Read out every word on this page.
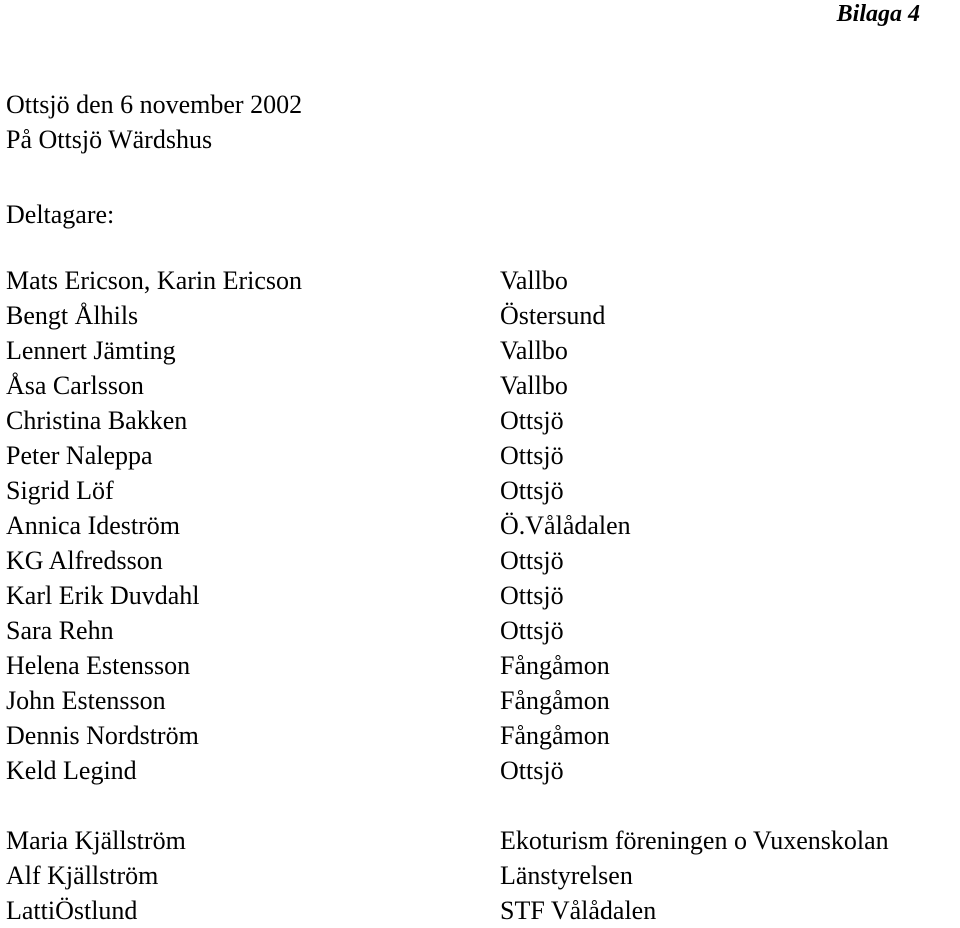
Bilaga 4
Ottsjö den 6 november 2002
På Ottsjö Wärdshus
Deltagare:
Mats Ericson, Karin Ericson
Bengt Ålhils
Lennert Jämting
Åsa Carlsson
Christina Bakken
Peter Naleppa
Sigrid Löf
Annica Ideström
KG Alfredsson
Karl Erik Duvdahl
Sara Rehn
Helena Estensson
John Estensson
Dennis Nordström
Keld Legind
Vallbo
Östersund
Vallbo
Vallbo
Ottsjö
Ottsjö
Ottsjö
Ö.Vålådalen
Ottsjö
Ottsjö
Ottsjö
Fångåmon
Fångåmon
Fångåmon
Ottsjö
Maria Kjällström
Alf Kjällström
LattiÖstlund
Ekoturism föreningen o Vuxenskolan
Länstyrelsen
STF Vålådalen
